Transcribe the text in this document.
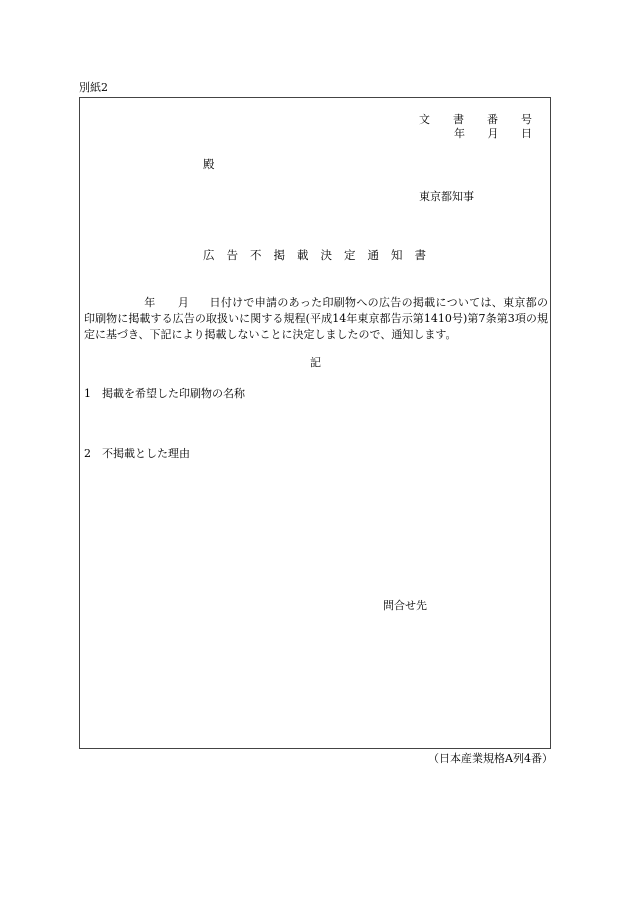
別紙2
文 書 番 号
年 月 日
殿
東京都知事
広 告 不 掲 載 決 定 通 知 書
年 月 日付けで申請のあった印刷物への広告の掲載については、東京都の印刷物に掲載する広告の取扱いに関する規程(平成14年東京都告示第1410号)第7条第3項の規定に基づき、下記により掲載しないことに決定しましたので、通知します。
記
1 掲載を希望した印刷物の名称
2 不掲載とした理由
問合せ先
（日本産業規格A列4番）
